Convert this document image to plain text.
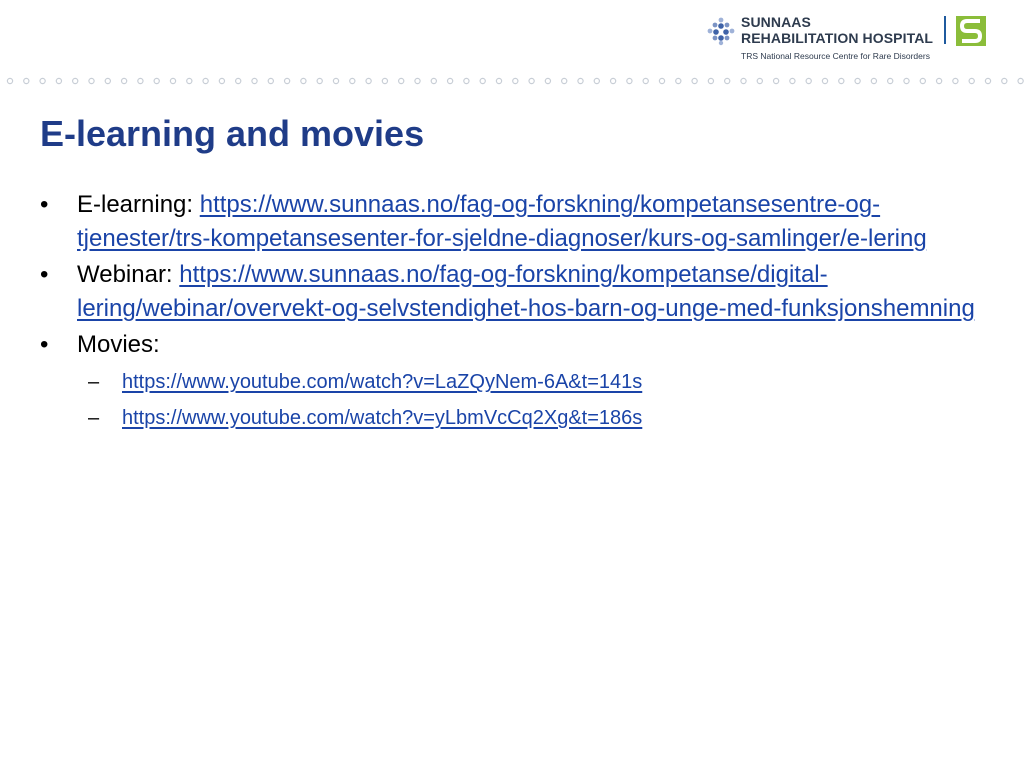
SUNNAAS
REHABILITATION HOSPITAL
TRS National Resource Centre for Rare Disorders
E-learning and movies
•	E-learning: https://www.sunnaas.no/fag-og-forskning/kompetansesentre-og-tjenester/trs-kompetansesenter-for-sjeldne-diagnoser/kurs-og-samlinger/e-lering
•	Webinar: https://www.sunnaas.no/fag-og-forskning/kompetanse/digital-lering/webinar/overvekt-og-selvstendighet-hos-barn-og-unge-med-funksjonshemning
•	Movies:
–	https://www.youtube.com/watch?v=LaZQyNem-6A&t=141s
–	https://www.youtube.com/watch?v=yLbmVcCq2Xg&t=186s
